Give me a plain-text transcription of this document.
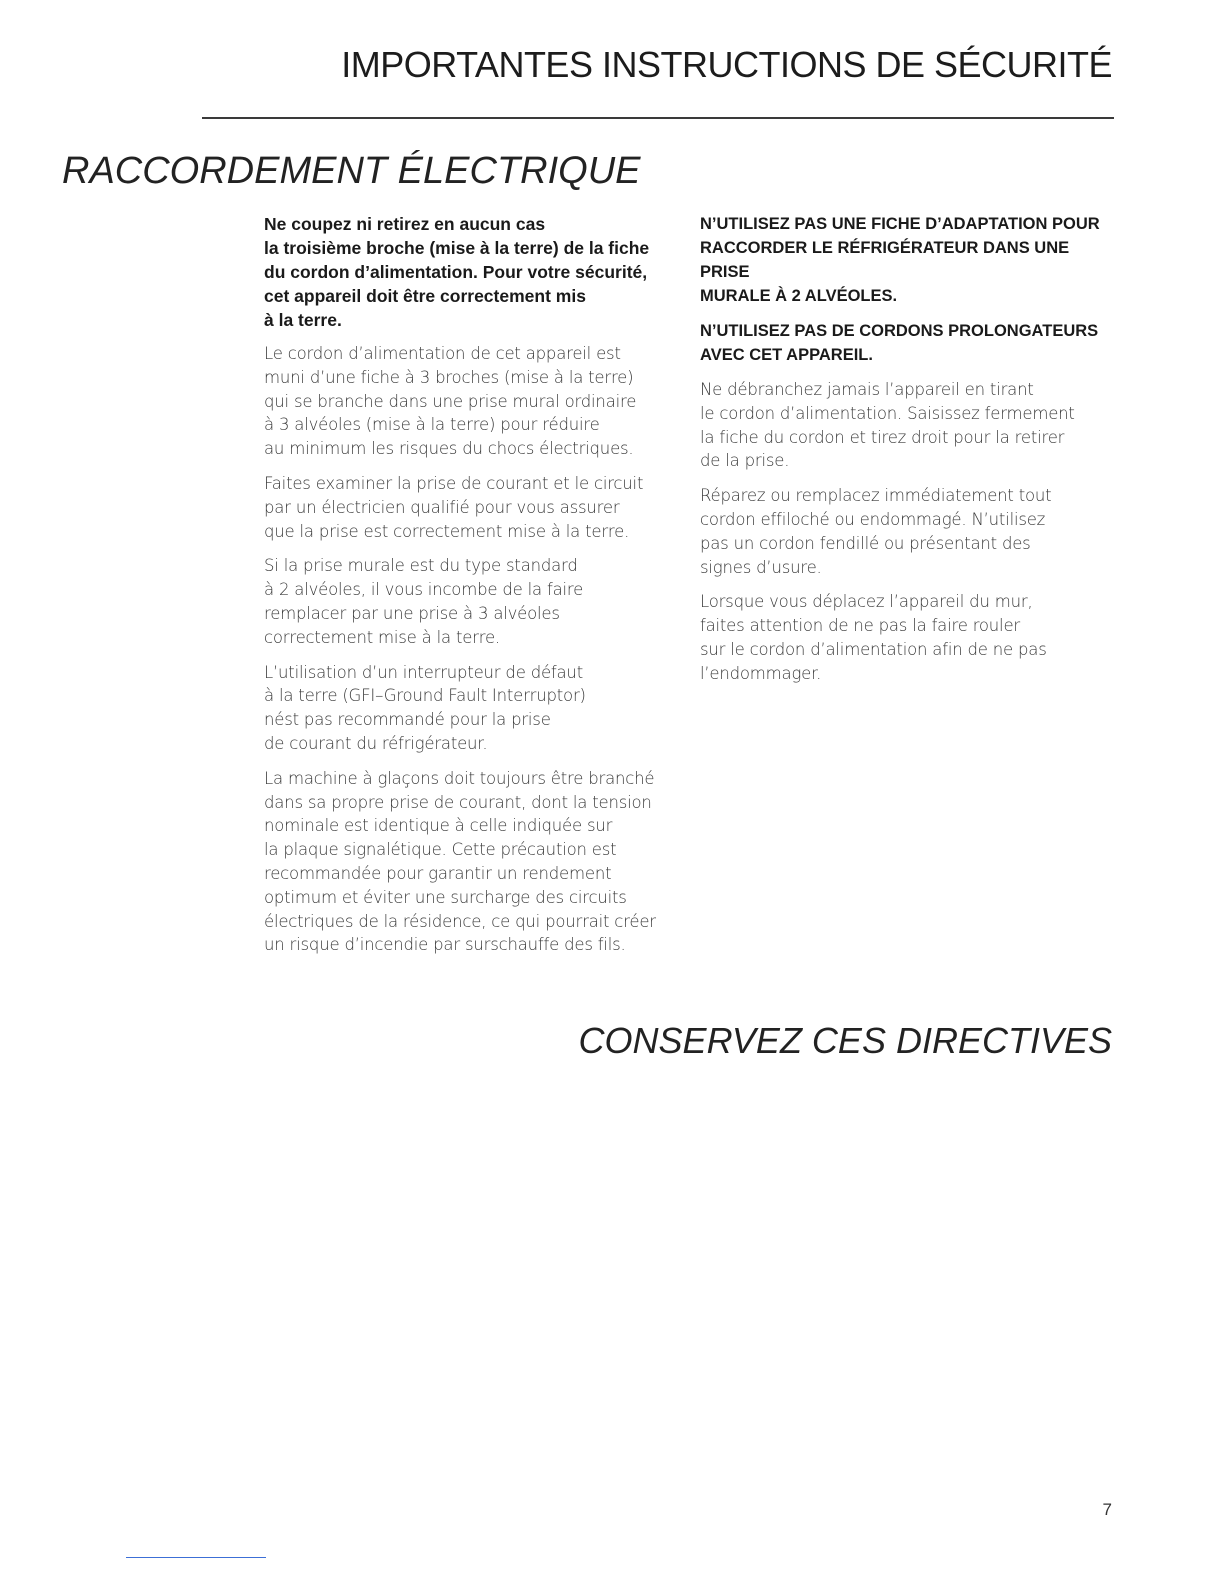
IMPORTANTES INSTRUCTIONS DE SÉCURITÉ
RACCORDEMENT ÉLECTRIQUE

Ne coupez ni retirez en aucun cas
la troisième broche (mise à la terre) de la fiche
du cordon d’alimentation. Pour votre sécurité,
cet appareil doit être correctement mis
à la terre.

Le cordon d’alimentation de cet appareil est
muni d’une fiche à 3 broches (mise à la terre)
qui se branche dans une prise mural ordinaire
à 3 alvéoles (mise à la terre) pour réduire
au minimum les risques du chocs électriques.

Faites examiner la prise de courant et le circuit
par un électricien qualifié pour vous assurer
que la prise est correctement mise à la terre.

Si la prise murale est du type standard
à 2 alvéoles, il vous incombe de la faire
remplacer par une prise à 3 alvéoles
correctement mise à la terre.

L’utilisation d’un interrupteur de défaut
à la terre (GFI–Ground Fault Interruptor)
nést pas recommandé pour la prise
de courant du réfrigérateur.

La machine à glaçons doit toujours être branché
dans sa propre prise de courant, dont la tension
nominale est identique à celle indiquée sur
la plaque signalétique. Cette précaution est
recommandée pour garantir un rendement
optimum et éviter une surcharge des circuits
électriques de la résidence, ce qui pourrait créer
un risque d’incendie par surschauffe des fils.

N’UTILISEZ PAS UNE FICHE D’ADAPTATION POUR
RACCORDER LE RÉFRIGÉRATEUR DANS UNE PRISE
MURALE À 2 ALVÉOLES.

N’UTILISEZ PAS DE CORDONS PROLONGATEURS
AVEC CET APPAREIL.

Ne débranchez jamais l’appareil en tirant
le cordon d’alimentation. Saisissez fermement
la fiche du cordon et tirez droit pour la retirer
de la prise.

Réparez ou remplacez immédiatement tout
cordon effiloché ou endommagé. N’utilisez
pas un cordon fendillé ou présentant des
signes d’usure.

Lorsque vous déplacez l’appareil du mur,
faites attention de ne pas la faire rouler
sur le cordon d’alimentation afin de ne pas
l’endommager.

CONSERVEZ CES DIRECTIVES
7
